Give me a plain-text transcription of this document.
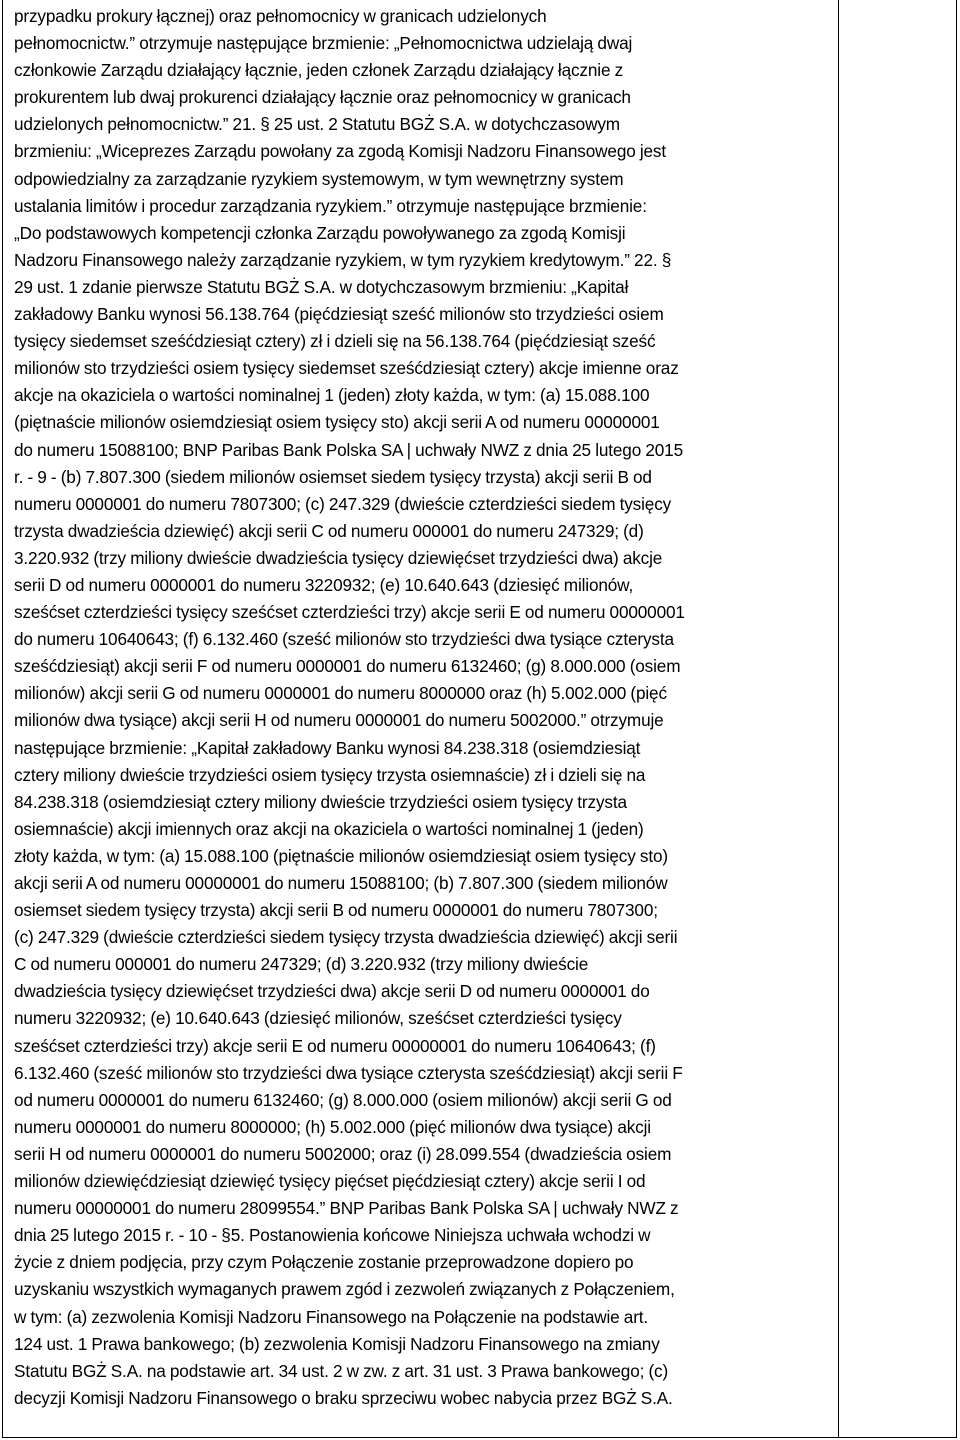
przypadku prokury łącznej) oraz pełnomocnicy w granicach udzielonych
pełnomocnictw.” otrzymuje następujące brzmienie: „Pełnomocnictwa udzielają dwaj
członkowie Zarządu działający łącznie, jeden członek Zarządu działający łącznie z
prokurentem lub dwaj prokurenci działający łącznie oraz pełnomocnicy w granicach
udzielonych pełnomocnictw.” 21. § 25 ust. 2 Statutu BGŻ S.A. w dotychczasowym
brzmieniu: „Wiceprezes Zarządu powołany za zgodą Komisji Nadzoru Finansowego jest
odpowiedzialny za zarządzanie ryzykiem systemowym, w tym wewnętrzny system
ustalania limitów i procedur zarządzania ryzykiem.” otrzymuje następujące brzmienie:
„Do podstawowych kompetencji członka Zarządu powoływanego za zgodą Komisji
Nadzoru Finansowego należy zarządzanie ryzykiem, w tym ryzykiem kredytowym.” 22. §
29 ust. 1 zdanie pierwsze Statutu BGŻ S.A. w dotychczasowym brzmieniu: „Kapitał
zakładowy Banku wynosi 56.138.764 (pięćdziesiąt sześć milionów sto trzydzieści osiem
tysięcy siedemset sześćdziesiąt cztery) zł i dzieli się na 56.138.764 (pięćdziesiąt sześć
milionów sto trzydzieści osiem tysięcy siedemset sześćdziesiąt cztery) akcje imienne oraz
akcje na okaziciela o wartości nominalnej 1 (jeden) złoty każda, w tym: (a) 15.088.100
(piętnaście milionów osiemdziesiąt osiem tysięcy sto) akcji serii A od numeru 00000001
do numeru 15088100; BNP Paribas Bank Polska SA | uchwały NWZ z dnia 25 lutego 2015
r. - 9 - (b) 7.807.300 (siedem milionów osiemset siedem tysięcy trzysta) akcji serii B od
numeru 0000001 do numeru 7807300; (c) 247.329 (dwieście czterdzieści siedem tysięcy
trzysta dwadzieścia dziewięć) akcji serii C od numeru 000001 do numeru 247329; (d)
3.220.932 (trzy miliony dwieście dwadzieścia tysięcy dziewięćset trzydzieści dwa) akcje
serii D od numeru 0000001 do numeru 3220932; (e) 10.640.643 (dziesięć milionów,
sześćset czterdzieści tysięcy sześćset czterdzieści trzy) akcje serii E od numeru 00000001
do numeru 10640643; (f) 6.132.460 (sześć milionów sto trzydzieści dwa tysiące czterysta
sześćdziesiąt) akcji serii F od numeru 0000001 do numeru 6132460; (g) 8.000.000 (osiem
milionów) akcji serii G od numeru 0000001 do numeru 8000000 oraz (h) 5.002.000 (pięć
milionów dwa tysiące) akcji serii H od numeru 0000001 do numeru 5002000.” otrzymuje
następujące brzmienie: „Kapitał zakładowy Banku wynosi 84.238.318 (osiemdziesiąt
cztery miliony dwieście trzydzieści osiem tysięcy trzysta osiemnaście) zł i dzieli się na
84.238.318 (osiemdziesiąt cztery miliony dwieście trzydzieści osiem tysięcy trzysta
osiemnaście) akcji imiennych oraz akcji na okaziciela o wartości nominalnej 1 (jeden)
złoty każda, w tym: (a) 15.088.100 (piętnaście milionów osiemdziesiąt osiem tysięcy sto)
akcji serii A od numeru 00000001 do numeru 15088100; (b) 7.807.300 (siedem milionów
osiemset siedem tysięcy trzysta) akcji serii B od numeru 0000001 do numeru 7807300;
(c) 247.329 (dwieście czterdzieści siedem tysięcy trzysta dwadzieścia dziewięć) akcji serii
C od numeru 000001 do numeru 247329; (d) 3.220.932 (trzy miliony dwieście
dwadzieścia tysięcy dziewięćset trzydzieści dwa) akcje serii D od numeru 0000001 do
numeru 3220932; (e) 10.640.643 (dziesięć milionów, sześćset czterdzieści tysięcy
sześćset czterdzieści trzy) akcje serii E od numeru 00000001 do numeru 10640643; (f)
6.132.460 (sześć milionów sto trzydzieści dwa tysiące czterysta sześćdziesiąt) akcji serii F
od numeru 0000001 do numeru 6132460; (g) 8.000.000 (osiem milionów) akcji serii G od
numeru 0000001 do numeru 8000000; (h) 5.002.000 (pięć milionów dwa tysiące) akcji
serii H od numeru 0000001 do numeru 5002000; oraz (i) 28.099.554 (dwadzieścia osiem
milionów dziewięćdziesiąt dziewięć tysięcy pięćset pięćdziesiąt cztery) akcje serii I od
numeru 00000001 do numeru 28099554.” BNP Paribas Bank Polska SA | uchwały NWZ z
dnia 25 lutego 2015 r. - 10 - §5. Postanowienia końcowe Niniejsza uchwała wchodzi w
życie z dniem podjęcia, przy czym Połączenie zostanie przeprowadzone dopiero po
uzyskaniu wszystkich wymaganych prawem zgód i zezwoleń związanych z Połączeniem,
w tym: (a) zezwolenia Komisji Nadzoru Finansowego na Połączenie na podstawie art.
124 ust. 1 Prawa bankowego; (b) zezwolenia Komisji Nadzoru Finansowego na zmiany
Statutu BGŻ S.A. na podstawie art. 34 ust. 2 w zw. z art. 31 ust. 3 Prawa bankowego; (c)
decyzji Komisji Nadzoru Finansowego o braku sprzeciwu wobec nabycia przez BGŻ S.A.
